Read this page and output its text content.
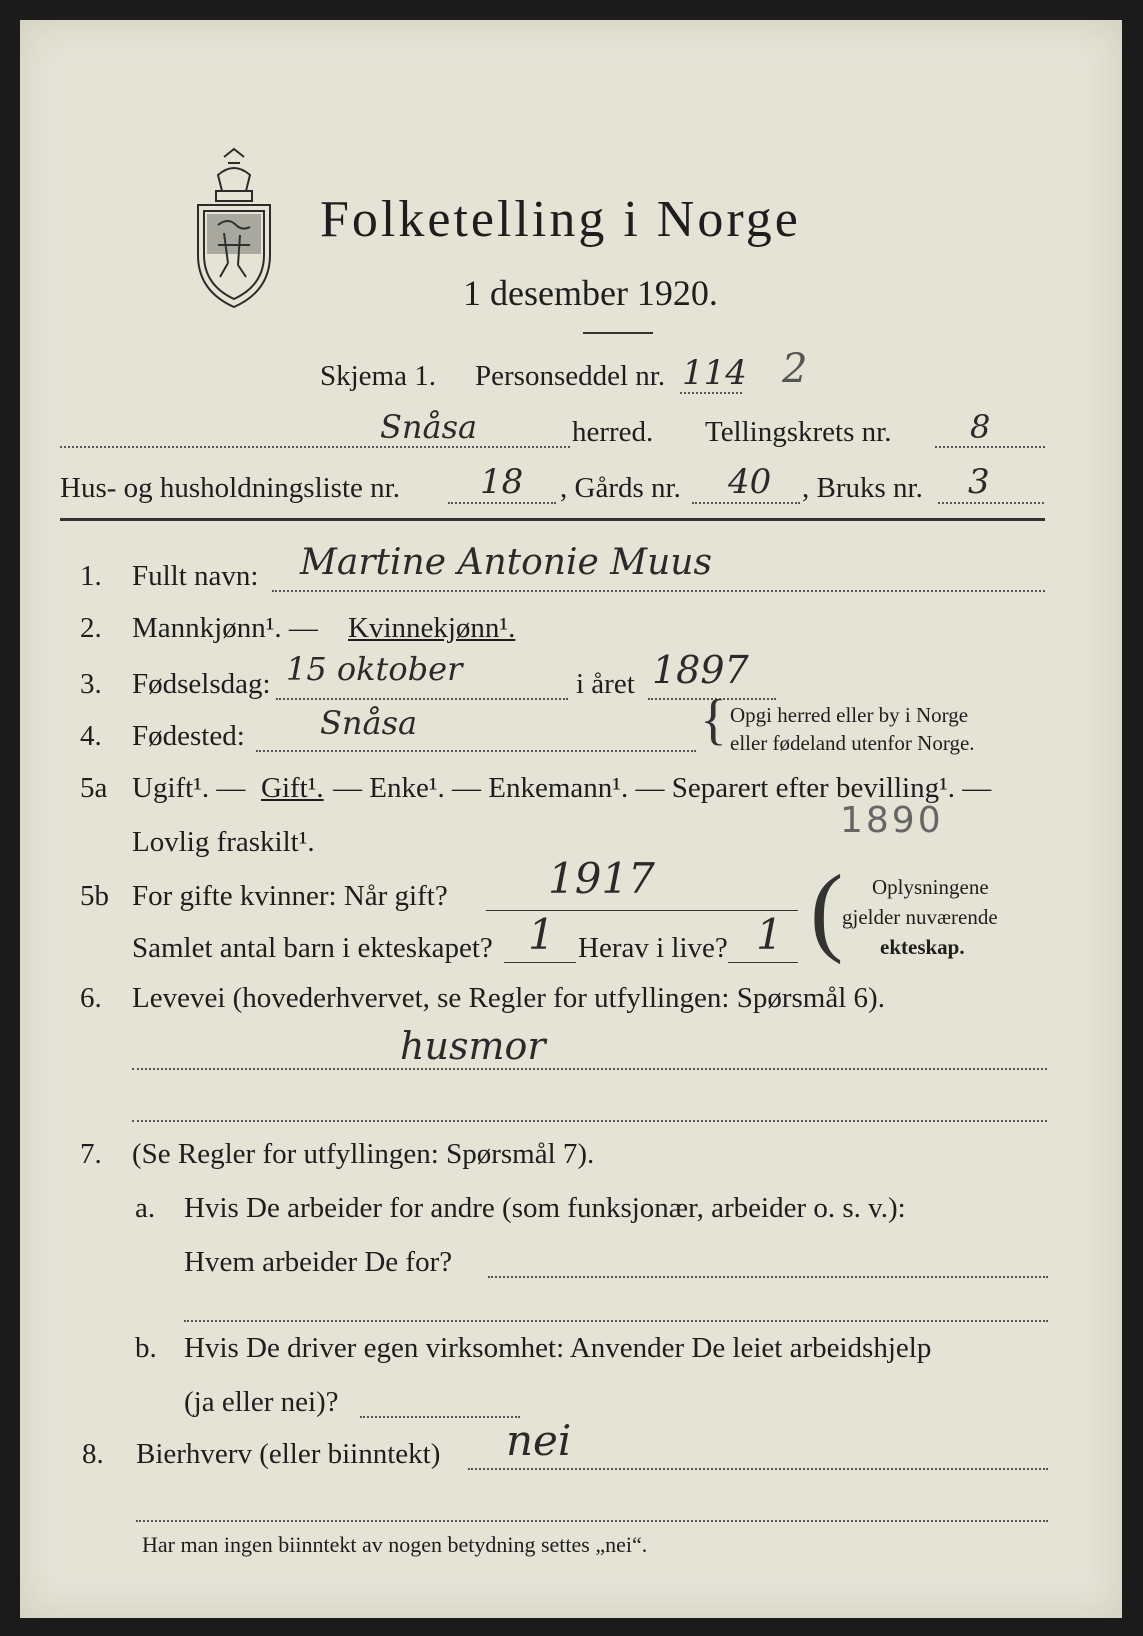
Folketelling i Norge
1 desember 1920.
Skjema 1. Personseddel nr. 114 2
Snåsa	herred. Tellingskrets nr. 8
Hus- og husholdningsliste nr. 18 , Gårds nr. 40 , Bruks nr. 3
1.	Fullt navn: Martine Antonie Muus
2.	Mannkjønn¹. — Kvinnekjønn¹.
3.	Fødselsdag: 15 oktober	i året 1897
4.	Fødested: Snåsa	{ Opgi herred eller by i Norge
eller fødeland utenfor Norge.
5a Ugift¹. — Gift¹. — Enke¹. — Enkemann¹. — Separert efter bevilling¹. —
Lovlig fraskilt¹.
1890
5b For gifte kvinner: Når gift? 1917
Samlet antal barn i ekteskapet? 1 Herav i live? 1 ( Oplysningene
gjelder nuværende
ekteskap.
6.	Levevei (hovederhvervet, se Regler for utfyllingen: Spørsmål 6).
husmor
7.	(Se Regler for utfyllingen: Spørsmål 7).
a. Hvis De arbeider for andre (som funksjonær, arbeider o. s. v.):
Hvem arbeider De for?
b. Hvis De driver egen virksomhet: Anvender De leiet arbeidshjelp
(ja eller nei)?
8.	Bierhverv (eller biinntekt) nei
Har man ingen biinntekt av nogen betydning settes „nei“.
